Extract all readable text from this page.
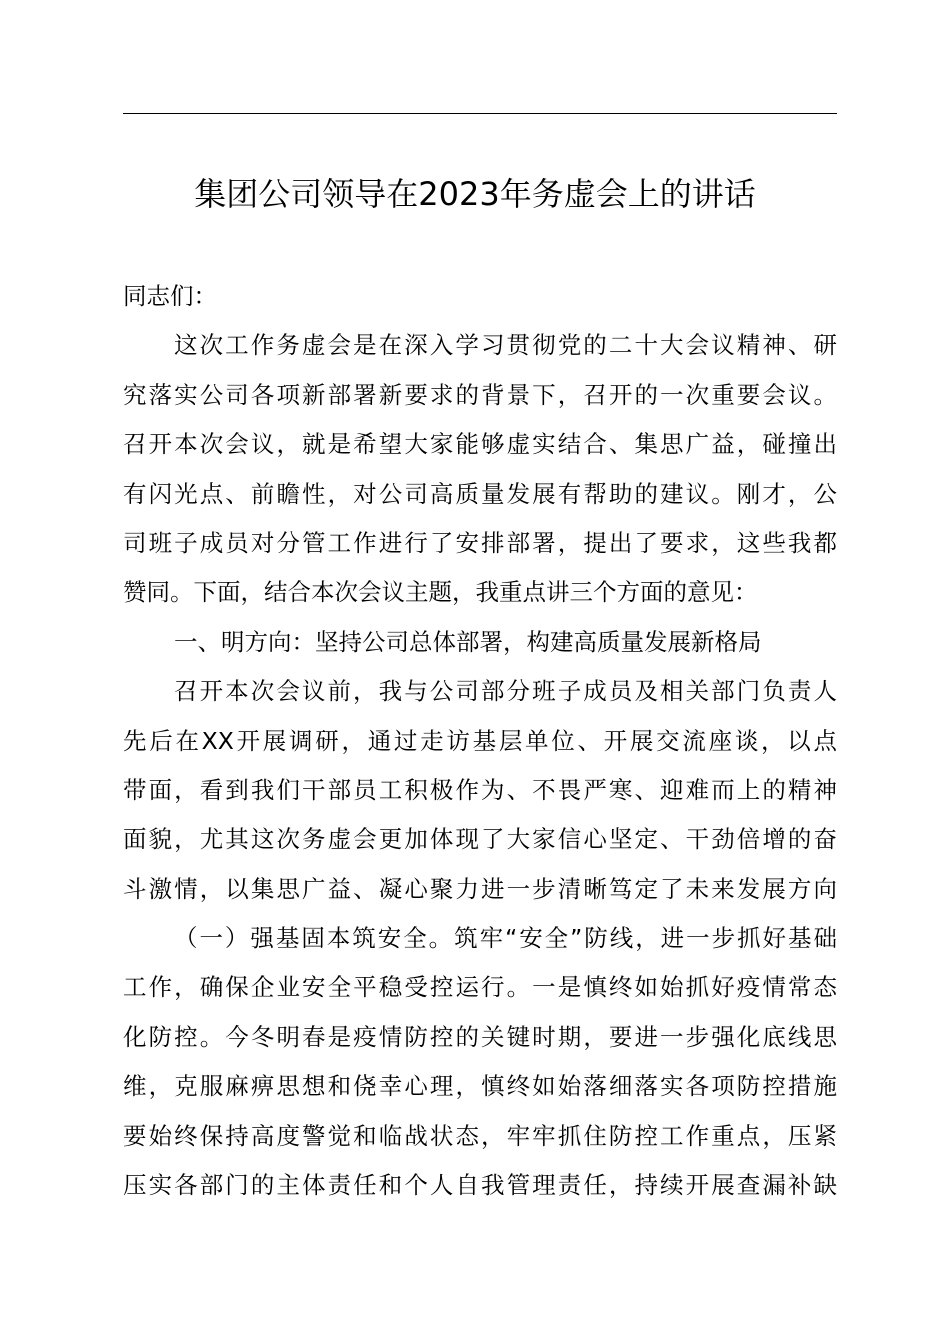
集团公司领导在2023年务虚会上的讲话
同志们：
这次工作务虚会是在深入学习贯彻党的二十大会议精神、研
究落实公司各项新部署新要求的背景下，召开的一次重要会议。
召开本次会议，就是希望大家能够虚实结合、集思广益，碰撞出
有闪光点、前瞻性，对公司高质量发展有帮助的建议。刚才，公
司班子成员对分管工作进行了安排部署，提出了要求，这些我都
赞同。下面，结合本次会议主题，我重点讲三个方面的意见：
一、明方向：坚持公司总体部署，构建高质量发展新格局
召开本次会议前，我与公司部分班子成员及相关部门负责人
先后在XX开展调研，通过走访基层单位、开展交流座谈，以点
带面，看到我们干部员工积极作为、不畏严寒、迎难而上的精神
面貌，尤其这次务虚会更加体现了大家信心坚定、干劲倍增的奋
斗激情，以集思广益、凝心聚力进一步清晰笃定了未来发展方向
（一）强基固本筑安全。筑牢“安全”防线，进一步抓好基础
工作，确保企业安全平稳受控运行。一是慎终如始抓好疫情常态
化防控。今冬明春是疫情防控的关键时期，要进一步强化底线思
维，克服麻痹思想和侥幸心理，慎终如始落细落实各项防控措施
要始终保持高度警觉和临战状态，牢牢抓住防控工作重点，压紧
压实各部门的主体责任和个人自我管理责任，持续开展查漏补缺
